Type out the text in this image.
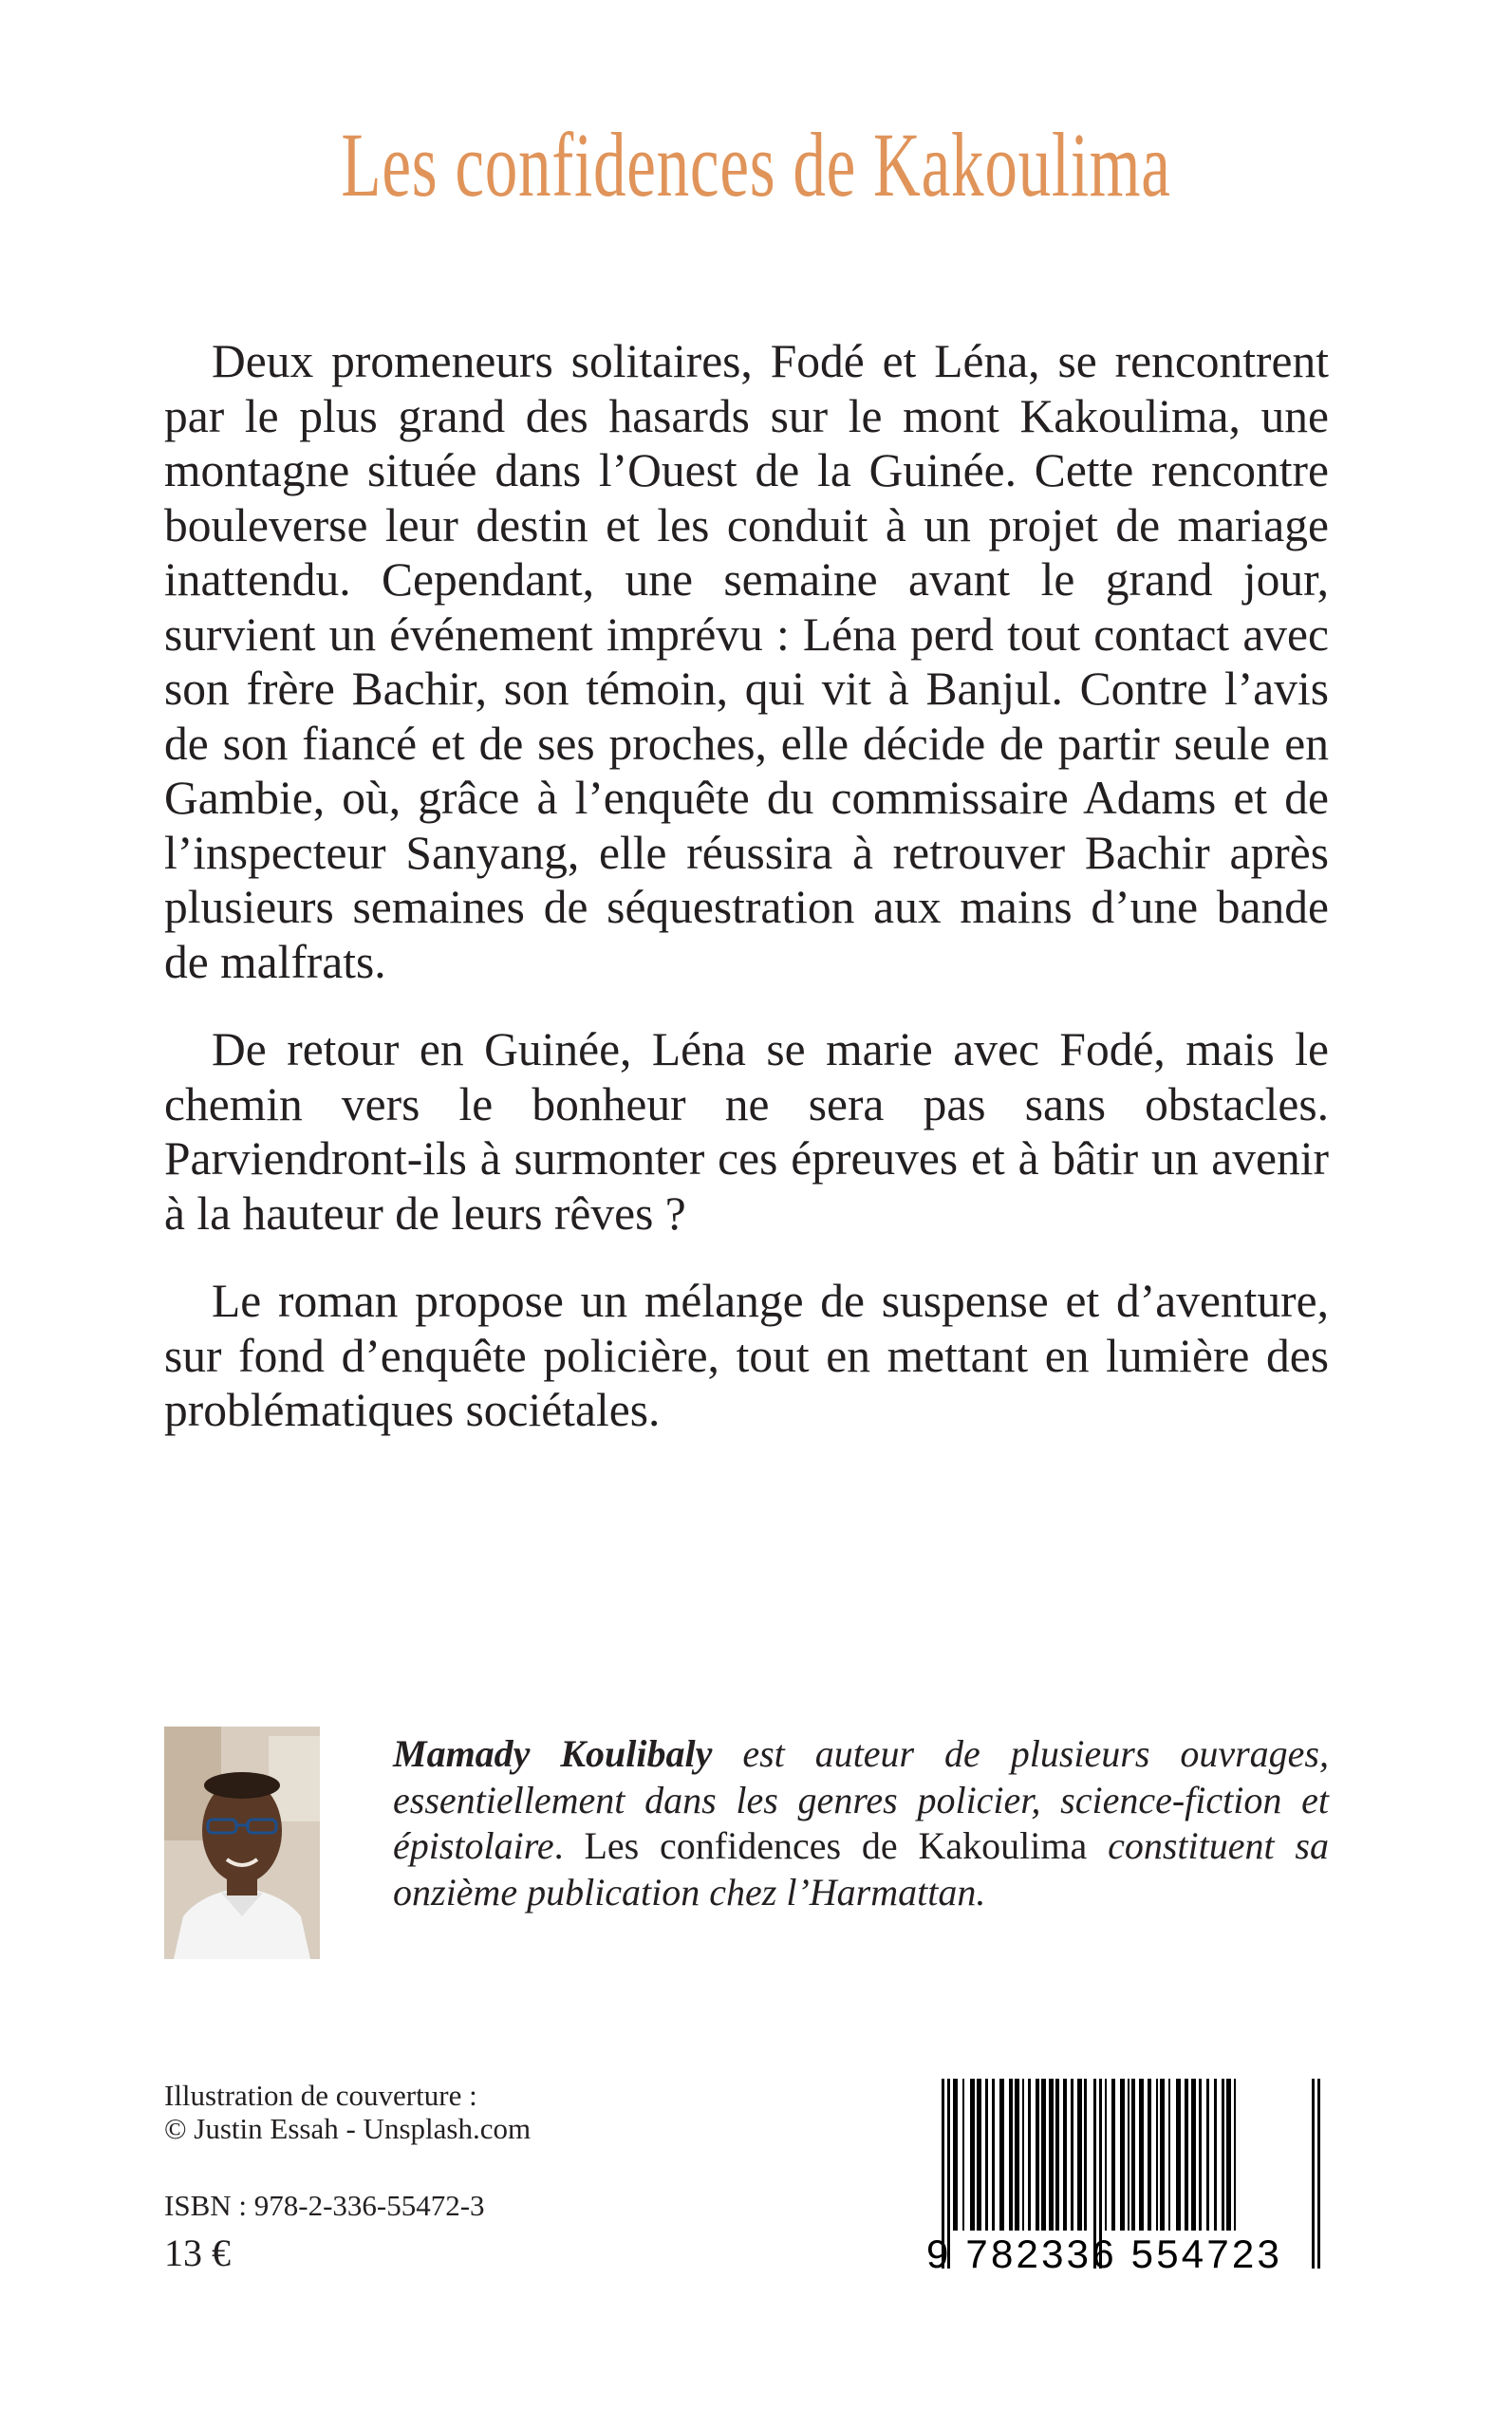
Les confidences de Kakoulima

Deux promeneurs solitaires, Fodé et Léna, se rencontrent par le plus grand des hasards sur le mont Kakoulima, une montagne située dans l’Ouest de la Guinée. Cette rencontre bouleverse leur destin et les conduit à un projet de mariage inattendu. Cependant, une semaine avant le grand jour, survient un événement imprévu : Léna perd tout contact avec son frère Bachir, son témoin, qui vit à Banjul. Contre l’avis de son fiancé et de ses proches, elle décide de partir seule en Gambie, où, grâce à l’enquête du commissaire Adams et de l’inspecteur Sanyang, elle réussira à retrouver Bachir après plusieurs semaines de séquestration aux mains d’une bande de malfrats.

De retour en Guinée, Léna se marie avec Fodé, mais le chemin vers le bonheur ne sera pas sans obstacles. Parviendront-ils à surmonter ces épreuves et à bâtir un avenir à la hauteur de leurs rêves ?

Le roman propose un mélange de suspense et d’aventure, sur fond d’enquête policière, tout en mettant en lumière des problématiques sociétales.

Mamady Koulibaly est auteur de plusieurs ouvrages, essentiellement dans les genres policier, science-fiction et épistolaire. Les confidences de Kakoulima constituent sa onzième publication chez l’Harmattan.
Illustration de couverture :
© Justin Essah - Unsplash.com
ISBN : 978-2-336-55472-3
13 €	9 782336 554723
